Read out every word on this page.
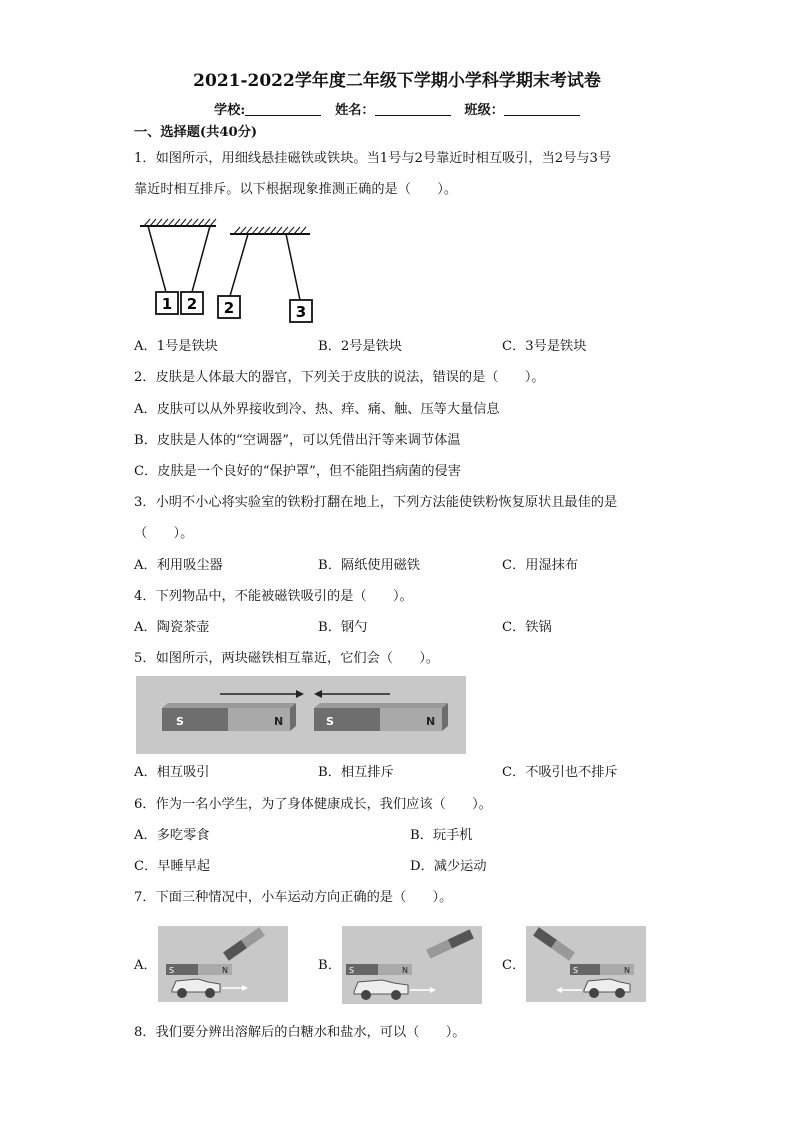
2021-2022学年度二年级下学期小学科学期末考试卷
学校:	姓名：	班级：
一、选择题(共40分)
1．如图所示，用细线悬挂磁铁或铁块。当1号与2号靠近时相互吸引，当2号与3号
靠近时相互排斥。以下根据现象推测正确的是（　　）。
1 2 2	3
A．1号是铁块	B．2号是铁块	C．3号是铁块
2．皮肤是人体最大的器官，下列关于皮肤的说法，错误的是（　　）。
A．皮肤可以从外界接收到冷、热、痒、痛、触、压等大量信息
B．皮肤是人体的“空调器”，可以凭借出汗等来调节体温
C．皮肤是一个良好的“保护罩”，但不能阻挡病菌的侵害
3．小明不小心将实验室的铁粉打翻在地上，下列方法能使铁粉恢复原状且最佳的是
（　　）。
A．利用吸尘器	B．隔纸使用磁铁	C．用湿抹布
4．下列物品中，不能被磁铁吸引的是（　　）。
A．陶瓷茶壶	B．钢勺	C．铁锅
5．如图所示，两块磁铁相互靠近，它们会（　　）。
S	N	S	N
A．相互吸引	B．相互排斥	C．不吸引也不排斥
6．作为一名小学生，为了身体健康成长，我们应该（　　）。
A．多吃零食	B．玩手机
C．早睡早起	D．减少运动
7．下面三种情况中，小车运动方向正确的是（　　）。
A． S	N	B． S	N	C．	S	N
8．我们要分辨出溶解后的白糖水和盐水，可以（　　）。
